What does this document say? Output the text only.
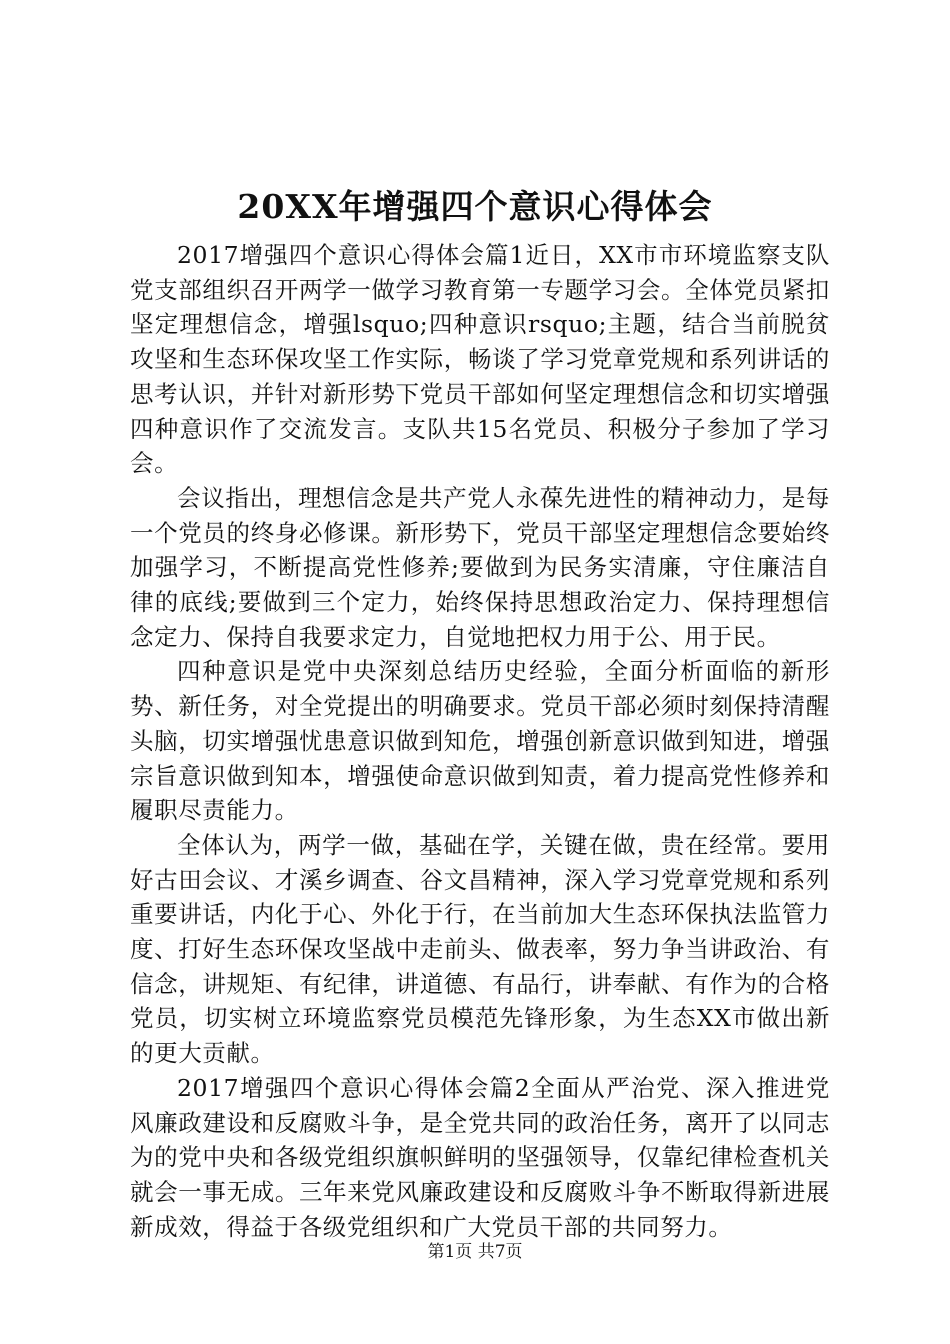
20XX年增强四个意识心得体会

2017增强四个意识心得体会篇1近日，XX市市环境监察支队党支部组织召开两学一做学习教育第一专题学习会。全体党员紧扣坚定理想信念，增强lsquo;四种意识rsquo;主题，结合当前脱贫攻坚和生态环保攻坚工作实际，畅谈了学习党章党规和系列讲话的思考认识，并针对新形势下党员干部如何坚定理想信念和切实增强四种意识作了交流发言。支队共15名党员、积极分子参加了学习会。

会议指出，理想信念是共产党人永葆先进性的精神动力，是每一个党员的终身必修课。新形势下，党员干部坚定理想信念要始终加强学习，不断提高党性修养;要做到为民务实清廉，守住廉洁自律的底线;要做到三个定力，始终保持思想政治定力、保持理想信念定力、保持自我要求定力，自觉地把权力用于公、用于民。

四种意识是党中央深刻总结历史经验，全面分析面临的新形势、新任务，对全党提出的明确要求。党员干部必须时刻保持清醒头脑，切实增强忧患意识做到知危，增强创新意识做到知进，增强宗旨意识做到知本，增强使命意识做到知责，着力提高党性修养和履职尽责能力。

全体认为，两学一做，基础在学，关键在做，贵在经常。要用好古田会议、才溪乡调查、谷文昌精神，深入学习党章党规和系列重要讲话，内化于心、外化于行，在当前加大生态环保执法监管力度、打好生态环保攻坚战中走前头、做表率，努力争当讲政治、有信念，讲规矩、有纪律，讲道德、有品行，讲奉献、有作为的合格党员，切实树立环境监察党员模范先锋形象，为生态XX市做出新的更大贡献。

2017增强四个意识心得体会篇2全面从严治党、深入推进党风廉政建设和反腐败斗争，是全党共同的政治任务，离开了以同志为的党中央和各级党组织旗帜鲜明的坚强领导，仅靠纪律检查机关就会一事无成。三年来党风廉政建设和反腐败斗争不断取得新进展新成效，得益于各级党组织和广大党员干部的共同努力。

第1页 共7页
